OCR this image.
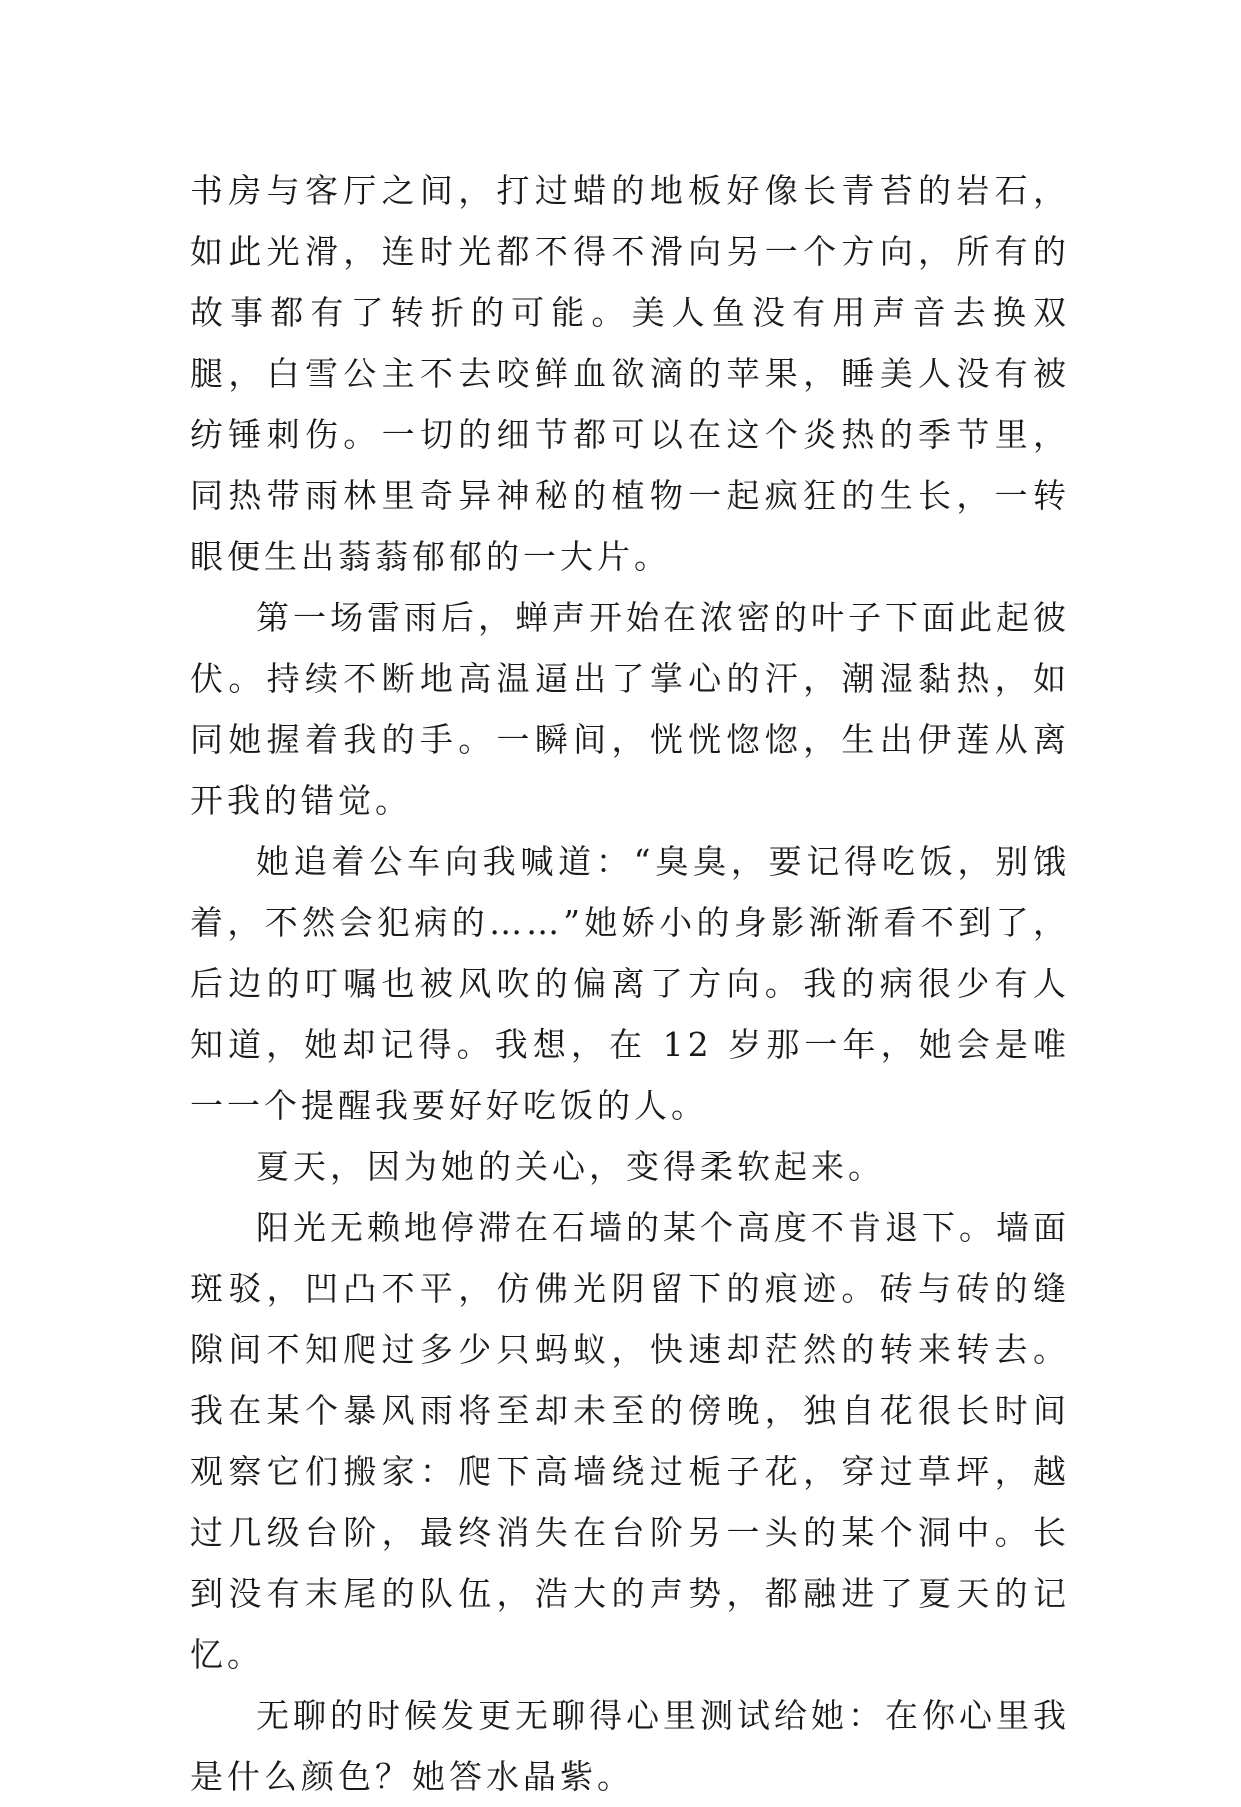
书房与客厅之间，打过蜡的地板好像长青苔的岩石，如此光滑，连时光都不得不滑向另一个方向，所有的故事都有了转折的可能。美人鱼没有用声音去换双腿，白雪公主不去咬鲜血欲滴的苹果，睡美人没有被纺锤刺伤。一切的细节都可以在这个炎热的季节里，同热带雨林里奇异神秘的植物一起疯狂的生长，一转眼便生出蓊蓊郁郁的一大片。

第一场雷雨后，蝉声开始在浓密的叶子下面此起彼伏。持续不断地高温逼出了掌心的汗，潮湿黏热，如同她握着我的手。一瞬间，恍恍惚惚，生出伊莲从离开我的错觉。

她追着公车向我喊道：“臭臭，要记得吃饭，别饿着，不然会犯病的……”她娇小的身影渐渐看不到了，后边的叮嘱也被风吹的偏离了方向。我的病很少有人知道，她却记得。我想，在 12 岁那一年，她会是唯一一个提醒我要好好吃饭的人。

夏天，因为她的关心，变得柔软起来。

阳光无赖地停滞在石墙的某个高度不肯退下。墙面斑驳，凹凸不平，仿佛光阴留下的痕迹。砖与砖的缝隙间不知爬过多少只蚂蚁，快速却茫然的转来转去。我在某个暴风雨将至却未至的傍晚，独自花很长时间观察它们搬家：爬下高墙绕过栀子花，穿过草坪，越过几级台阶，最终消失在台阶另一头的某个洞中。长到没有末尾的队伍，浩大的声势，都融进了夏天的记忆。

无聊的时候发更无聊得心里测试给她：在你心里我是什么颜色？她答水晶紫。
